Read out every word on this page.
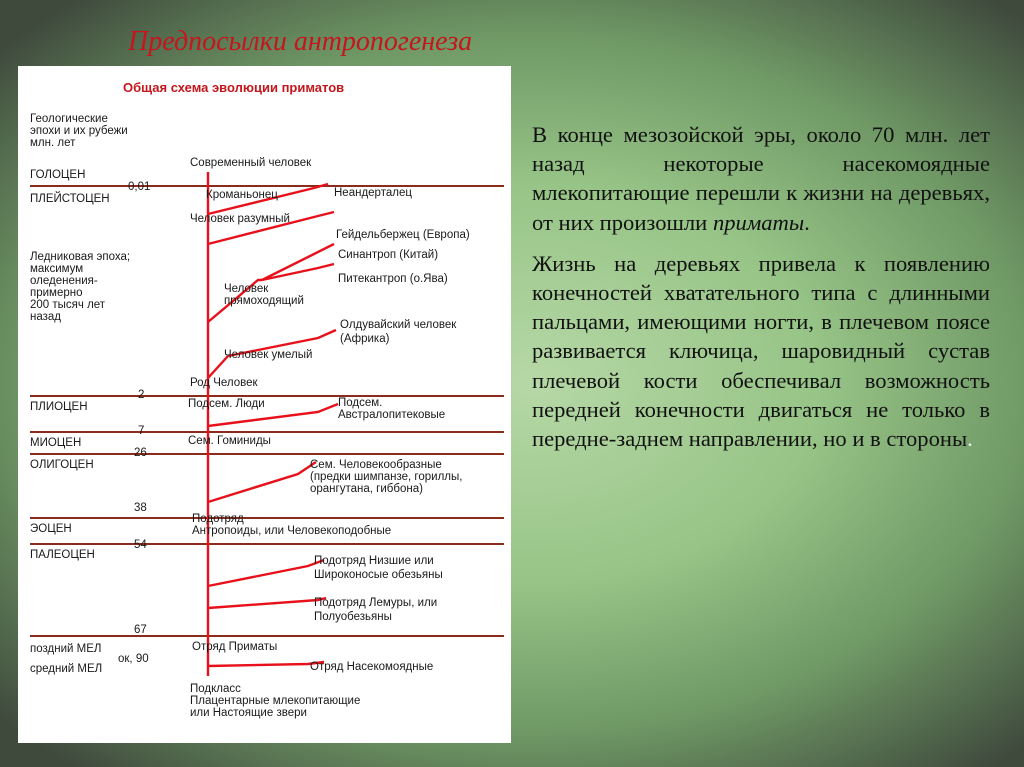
Предпосылки антропогенеза
Общая схема эволюции приматов
Геологические
эпохи и их рубежи
млн. лет
0,01
2
7
26
38
54
67
ок, 90
ГОЛОЦЕН
ПЛЕЙСТОЦЕН
Ледниковая эпоха;
максимум
оледенения-
примерно
200 тысяч лет
назад
ПЛИОЦЕН
МИОЦЕН
ОЛИГОЦЕН
ЭОЦЕН
ПАЛЕОЦЕН
поздний МЕЛ
средний МЕЛ
Современный человек
Кроманьонец	Неандерталец
Человек разумный
Гейдельбержец (Европа)
Синантроп (Китай)
Питекантроп (о.Ява)
Человек
прямоходящий
Олдувайский человек
(Африка)
Человек умелый
Род Человек
Подсем. Люди	Подсем.
Австралопитековые
Сем. Гоминиды
Сем. Человекообразные
(предки шимпанзе, гориллы,
орангутана, гиббона)
Подотряд
Антропоиды, или Человекоподобные
Подотряд Низшие или
Широконосые обезьяны
Подотряд Лемуры, или
Полуобезьяны
Отряд Приматы
Отряд Насекомоядные
Подкласс
Плацентарные млекопитающие
или Настоящие звери

В конце мезозойской эры, около 70 млн. лет назад некоторые насекомоядные млекопитающие перешли к жизни на деревьях, от них произошли приматы.

Жизнь на деревьях привела к появлению конечностей хватательного типа с длинными пальцами, имеющими ногти, в плечевом поясе развивается ключица, шаровидный сустав плечевой кости обеспечивал возможность передней конечности двигаться не только в передне-заднем направлении, но и в стороны.
